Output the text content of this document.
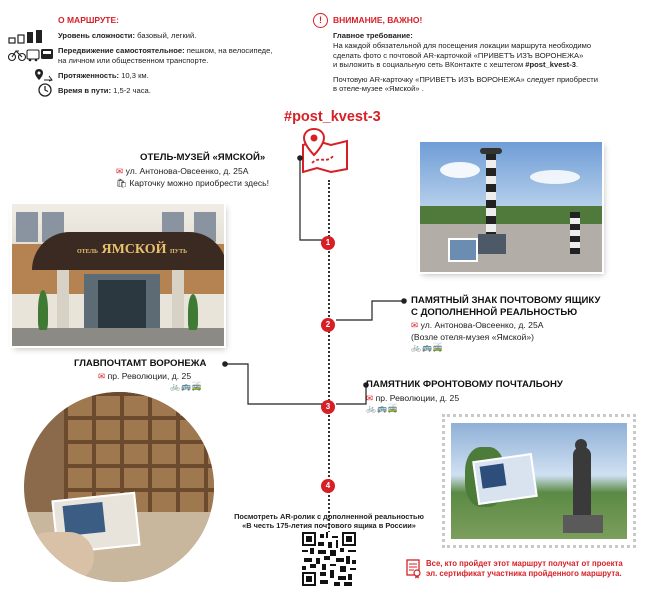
О МАРШРУТЕ:
Уровень сложности: базовый, легкий.
Передвижение самостоятельное: пешком, на велосипеде,
на личном или общественном транспорте.
Протяженность: 10,3 км.
Время в пути: 1,5-2 часа.
!	ВНИМАНИЕ, ВАЖНО!
Главное требование:
На каждой обязательной для посещения локации маршрута необходимо
сделать фото с почтовой AR-карточкой «ПРИВЕТЪ ИЗЪ ВОРОНЕЖА»
и выложить в социальную сеть ВКонтакте с хештегом #post_kvest-3.
Почтовую AR-карточку «ПРИВЕТЪ ИЗЪ ВОРОНЕЖА» следует приобрести
в отеле-музее «Ямской» .
#post_kvest-3
1
2
3
4
ОТЕЛЬ-МУЗЕЙ «ЯМСКОЙ»
✉ ул. Антонова-Овсеенко, д. 25А
🛍 Карточку можно приобрести здесь!
ОТЕЛЬ ЯМСКОЙ ПУТЬ
ПАМЯТНЫЙ ЗНАК ПОЧТОВОМУ ЯЩИКУ
С ДОПОЛНЕННОЙ РЕАЛЬНОСТЬЮ
✉ ул. Антонова-Овсеенко, д. 25А
(Возле отеля-музея «Ямской»)
🚲🚌🚎
ГЛАВПОЧТАМТ ВОРОНЕЖА
✉ пр. Революции, д. 25
🚲🚌🚎	ПАМЯТНИК ФРОНТОВОМУ ПОЧТАЛЬОНУ
✉ пр. Революции, д. 25
🚲🚌🚎
Посмотреть AR-ролик с дополненной реальностью
«В честь 175-летия почтового ящика в России»
Все, кто пройдет этот маршрут получат от проекта
эл. сертификат участника пройденного маршрута.
